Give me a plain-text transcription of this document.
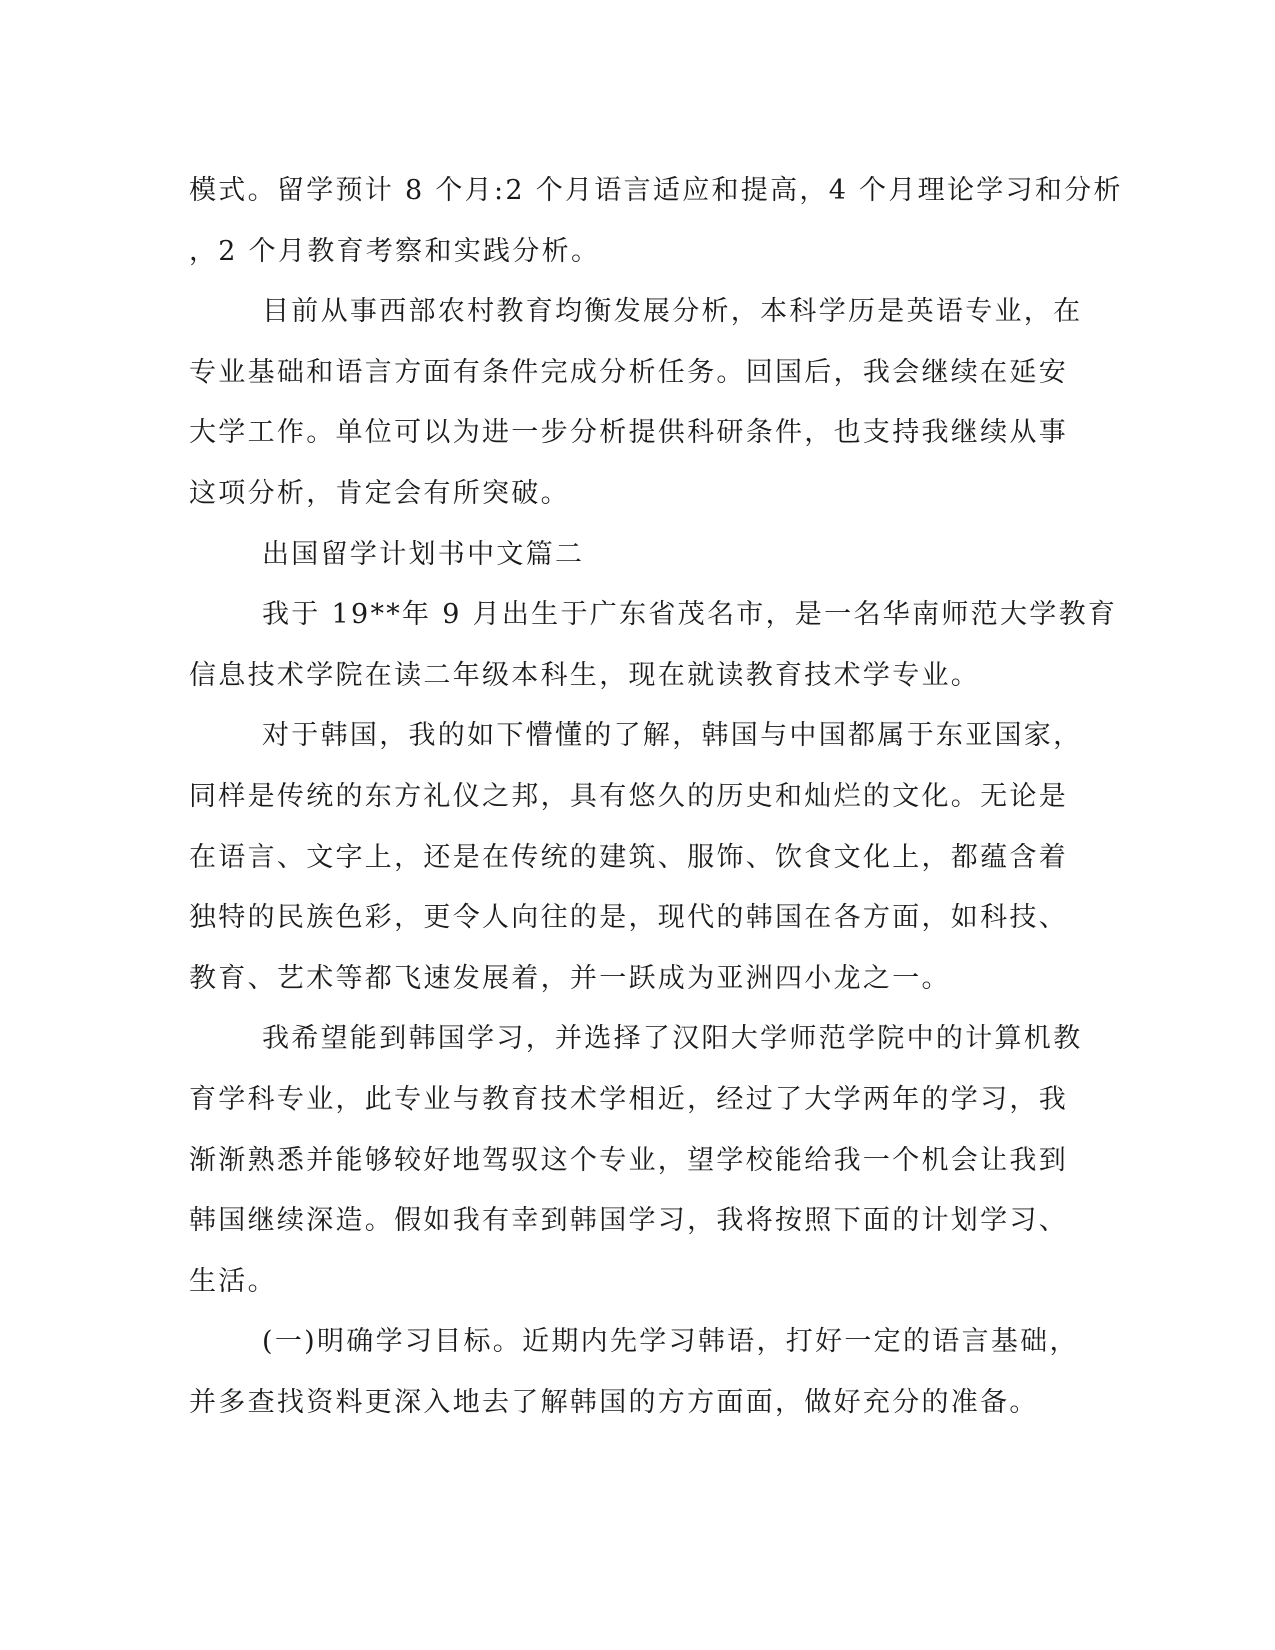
模式。留学预计 8 个月:2 个月语言适应和提高，4 个月理论学习和分析
，2 个月教育考察和实践分析。
目前从事西部农村教育均衡发展分析，本科学历是英语专业，在
专业基础和语言方面有条件完成分析任务。回国后，我会继续在延安
大学工作。单位可以为进一步分析提供科研条件，也支持我继续从事
这项分析，肯定会有所突破。
出国留学计划书中文篇二
我于 19**年 9 月出生于广东省茂名市，是一名华南师范大学教育
信息技术学院在读二年级本科生，现在就读教育技术学专业。
对于韩国，我的如下懵懂的了解，韩国与中国都属于东亚国家，
同样是传统的东方礼仪之邦，具有悠久的历史和灿烂的文化。无论是
在语言、文字上，还是在传统的建筑、服饰、饮食文化上，都蕴含着
独特的民族色彩，更令人向往的是，现代的韩国在各方面，如科技、
教育、艺术等都飞速发展着，并一跃成为亚洲四小龙之一。
我希望能到韩国学习，并选择了汉阳大学师范学院中的计算机教
育学科专业，此专业与教育技术学相近，经过了大学两年的学习，我
渐渐熟悉并能够较好地驾驭这个专业，望学校能给我一个机会让我到
韩国继续深造。假如我有幸到韩国学习，我将按照下面的计划学习、
生活。
(一)明确学习目标。近期内先学习韩语，打好一定的语言基础，
并多查找资料更深入地去了解韩国的方方面面，做好充分的准备。
